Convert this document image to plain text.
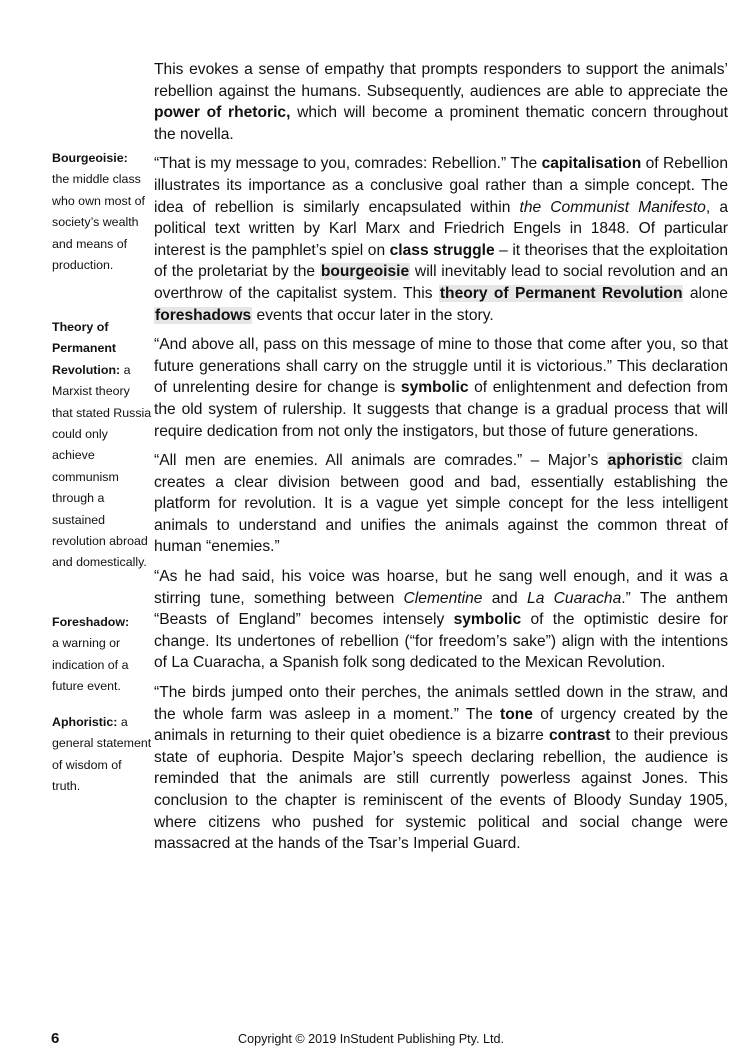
This evokes a sense of empathy that prompts responders to support the animals’ rebellion against the humans. Subsequently, audiences are able to appreciate the power of rhetoric, which will become a prominent thematic concern throughout the novella.

“That is my message to you, comrades: Rebellion.” The capitalisation of Rebellion illustrates its importance as a conclusive goal rather than a simple concept. The idea of rebellion is similarly encapsulated within the Communist Manifesto, a political text written by Karl Marx and Friedrich Engels in 1848. Of particular interest is the pamphlet’s spiel on class struggle – it theorises that the exploitation of the proletariat by the bourgeoisie will inevitably lead to social revolution and an overthrow of the capitalist system. This theory of Permanent Revolution alone foreshadows events that occur later in the story.

“And above all, pass on this message of mine to those that come after you, so that future generations shall carry on the struggle until it is victorious.” This declaration of unrelenting desire for change is symbolic of enlightenment and defection from the old system of rulership. It suggests that change is a gradual process that will require dedication from not only the instigators, but those of future generations.

“All men are enemies. All animals are comrades.” – Major’s aphoristic claim creates a clear division between good and bad, essentially establishing the platform for revolution. It is a vague yet simple concept for the less intelligent animals to understand and unifies the animals against the common threat of human “enemies.”

“As he had said, his voice was hoarse, but he sang well enough, and it was a stirring tune, something between Clementine and La Cuaracha.” The anthem “Beasts of England” becomes intensely symbolic of the optimistic desire for change. Its undertones of rebellion (“for freedom’s sake”) align with the intentions of La Cuaracha, a Spanish folk song dedicated to the Mexican Revolution.

“The birds jumped onto their perches, the animals settled down in the straw, and the whole farm was asleep in a moment.” The tone of urgency created by the animals in returning to their quiet obedience is a bizarre contrast to their previous state of euphoria. Despite Major’s speech declaring rebellion, the audience is reminded that the animals are still currently powerless against Jones. This conclusion to the chapter is reminiscent of the events of Bloody Sunday 1905, where citizens who pushed for systemic political and social change were massacred at the hands of the Tsar’s Imperial Guard.

Bourgeoisie:
the middle class who own most of society’s wealth and means of production.
Theory of Permanent Revolution: a Marxist theory that stated Russia could only achieve communism through a sustained revolution abroad and domestically.
Foreshadow:
a warning or indication of a future event.
Aphoristic: a general statement of wisdom of truth.
6	Copyright © 2019 InStudent Publishing Pty. Ltd.
